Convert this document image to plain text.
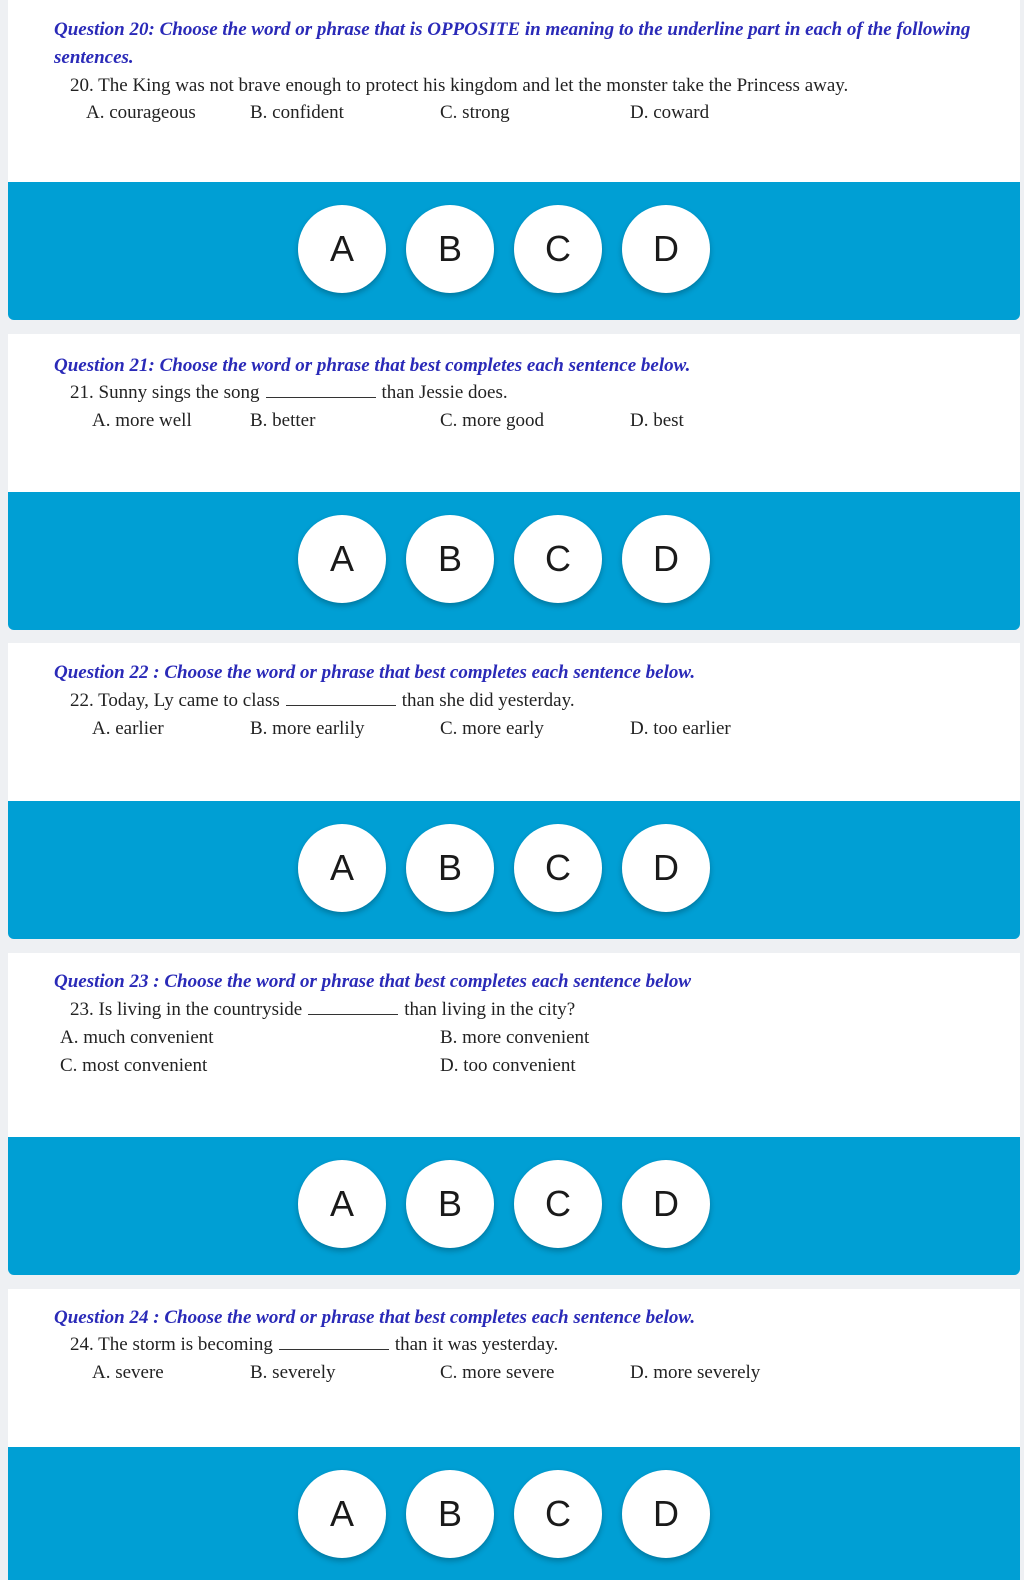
Question 20: Choose the word or phrase that is OPPOSITE in meaning to the underline part in each of the following sentences.
20. The King was not brave enough to protect his kingdom and let the monster take the Princess away.
A. courageous	B. confident	C. strong	D. coward
A	B	C	D
Question 21: Choose the word or phrase that best completes each sentence below.
21. Sunny sings the song	than Jessie does.
A. more well	B. better	C. more good	D. best
A	B	C	D
Question 22 : Choose the word or phrase that best completes each sentence below.
22. Today, Ly came to class	than she did yesterday.
A. earlier	B. more earlily	C. more early	D. too earlier
A	B	C	D
Question 23 : Choose the word or phrase that best completes each sentence below
23. Is living in the countryside	than living in the city?
A. much convenient	B. more convenient
C. most convenient	D. too convenient
A	B	C	D
Question 24 : Choose the word or phrase that best completes each sentence below.
24. The storm is becoming	than it was yesterday.
A. severe	B. severely	C. more severe	D. more severely
A	B	C	D
